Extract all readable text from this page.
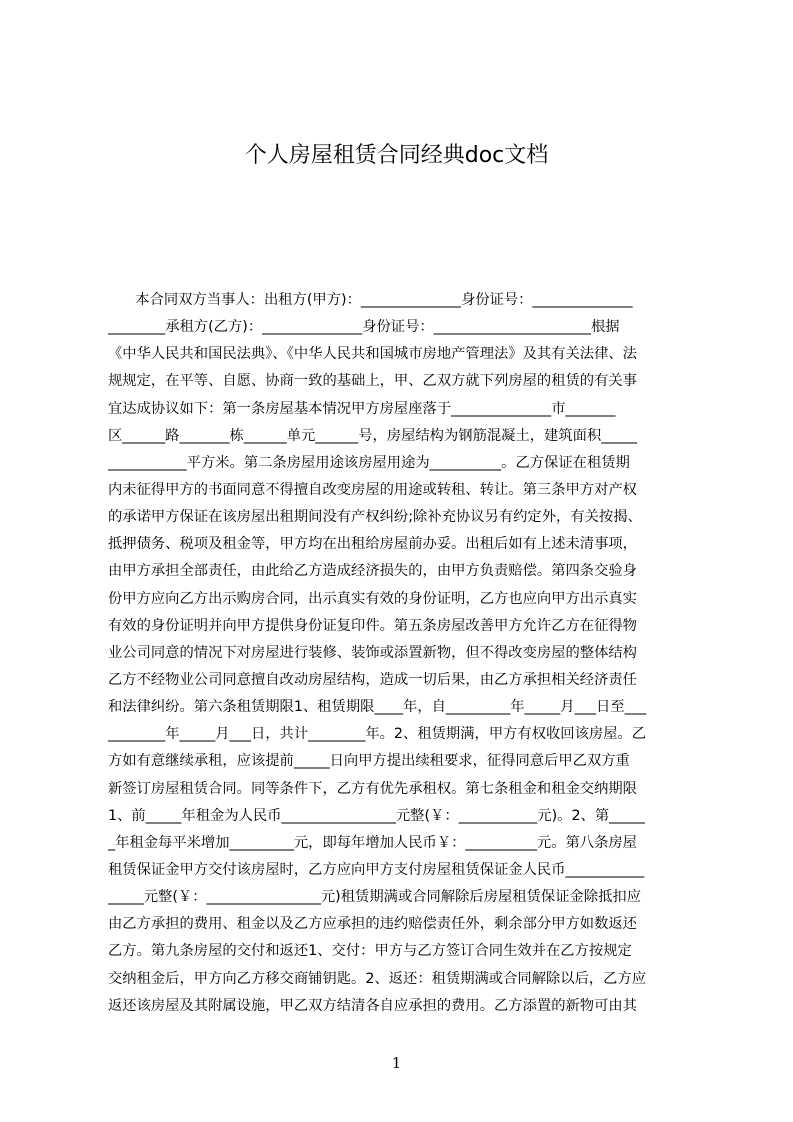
个人房屋租赁合同经典doc文档
本合同双方当事人：出租方(甲方)：______________身份证号：______________
________承租方(乙方)：______________身份证号：______________________根据
《中华人民共和国民法典》、《中华人民共和国城市房地产管理法》及其有关法律、法
规规定，在平等、自愿、协商一致的基础上，甲、乙双方就下列房屋的租赁的有关事
宜达成协议如下：第一条房屋基本情况甲方房屋座落于______________市_______
区______路_______栋______单元______号，房屋结构为钢筋混凝土，建筑面积_____
___________平方米。第二条房屋用途该房屋用途为__________。乙方保证在租赁期
内未征得甲方的书面同意不得擅自改变房屋的用途或转租、转让。第三条甲方对产权
的承诺甲方保证在该房屋出租期间没有产权纠纷;除补充协议另有约定外，有关按揭、
抵押债务、税项及租金等，甲方均在出租给房屋前办妥。出租后如有上述未清事项，
由甲方承担全部责任，由此给乙方造成经济损失的，由甲方负责赔偿。第四条交验身
份甲方应向乙方出示购房合同，出示真实有效的身份证明，乙方也应向甲方出示真实
有效的身份证明并向甲方提供身份证复印件。第五条房屋改善甲方允许乙方在征得物
业公司同意的情况下对房屋进行装修、装饰或添置新物，但不得改变房屋的整体结构
乙方不经物业公司同意擅自改动房屋结构，造成一切后果，由乙方承担相关经济责任
和法律纠纷。第六条租赁期限1、租赁期限____年，自_________年_____月___日至___
________年_____月___日，共计________年。2、租赁期满，甲方有权收回该房屋。乙
方如有意继续承租，应该提前_____日向甲方提出续租要求，征得同意后甲乙双方重
新签订房屋租赁合同。同等条件下，乙方有优先承租权。第七条租金和租金交纳期限
1、前_____年租金为人民币________________元整(￥：___________元)。2、第_____
_年租金每平米增加_________元，即每年增加人民币￥：__________元。第八条房屋
租赁保证金甲方交付该房屋时，乙方应向甲方支付房屋租赁保证金人民币___________
_____元整(￥：________________元)租赁期满或合同解除后房屋租赁保证金除抵扣应
由乙方承担的费用、租金以及乙方应承担的违约赔偿责任外，剩余部分甲方如数返还
乙方。第九条房屋的交付和返还1、交付：甲方与乙方签订合同生效并在乙方按规定
交纳租金后，甲方向乙方移交商铺钥匙。2、返还：租赁期满或合同解除以后，乙方应
返还该房屋及其附属设施，甲乙双方结清各自应承担的费用。乙方添置的新物可由其
1
